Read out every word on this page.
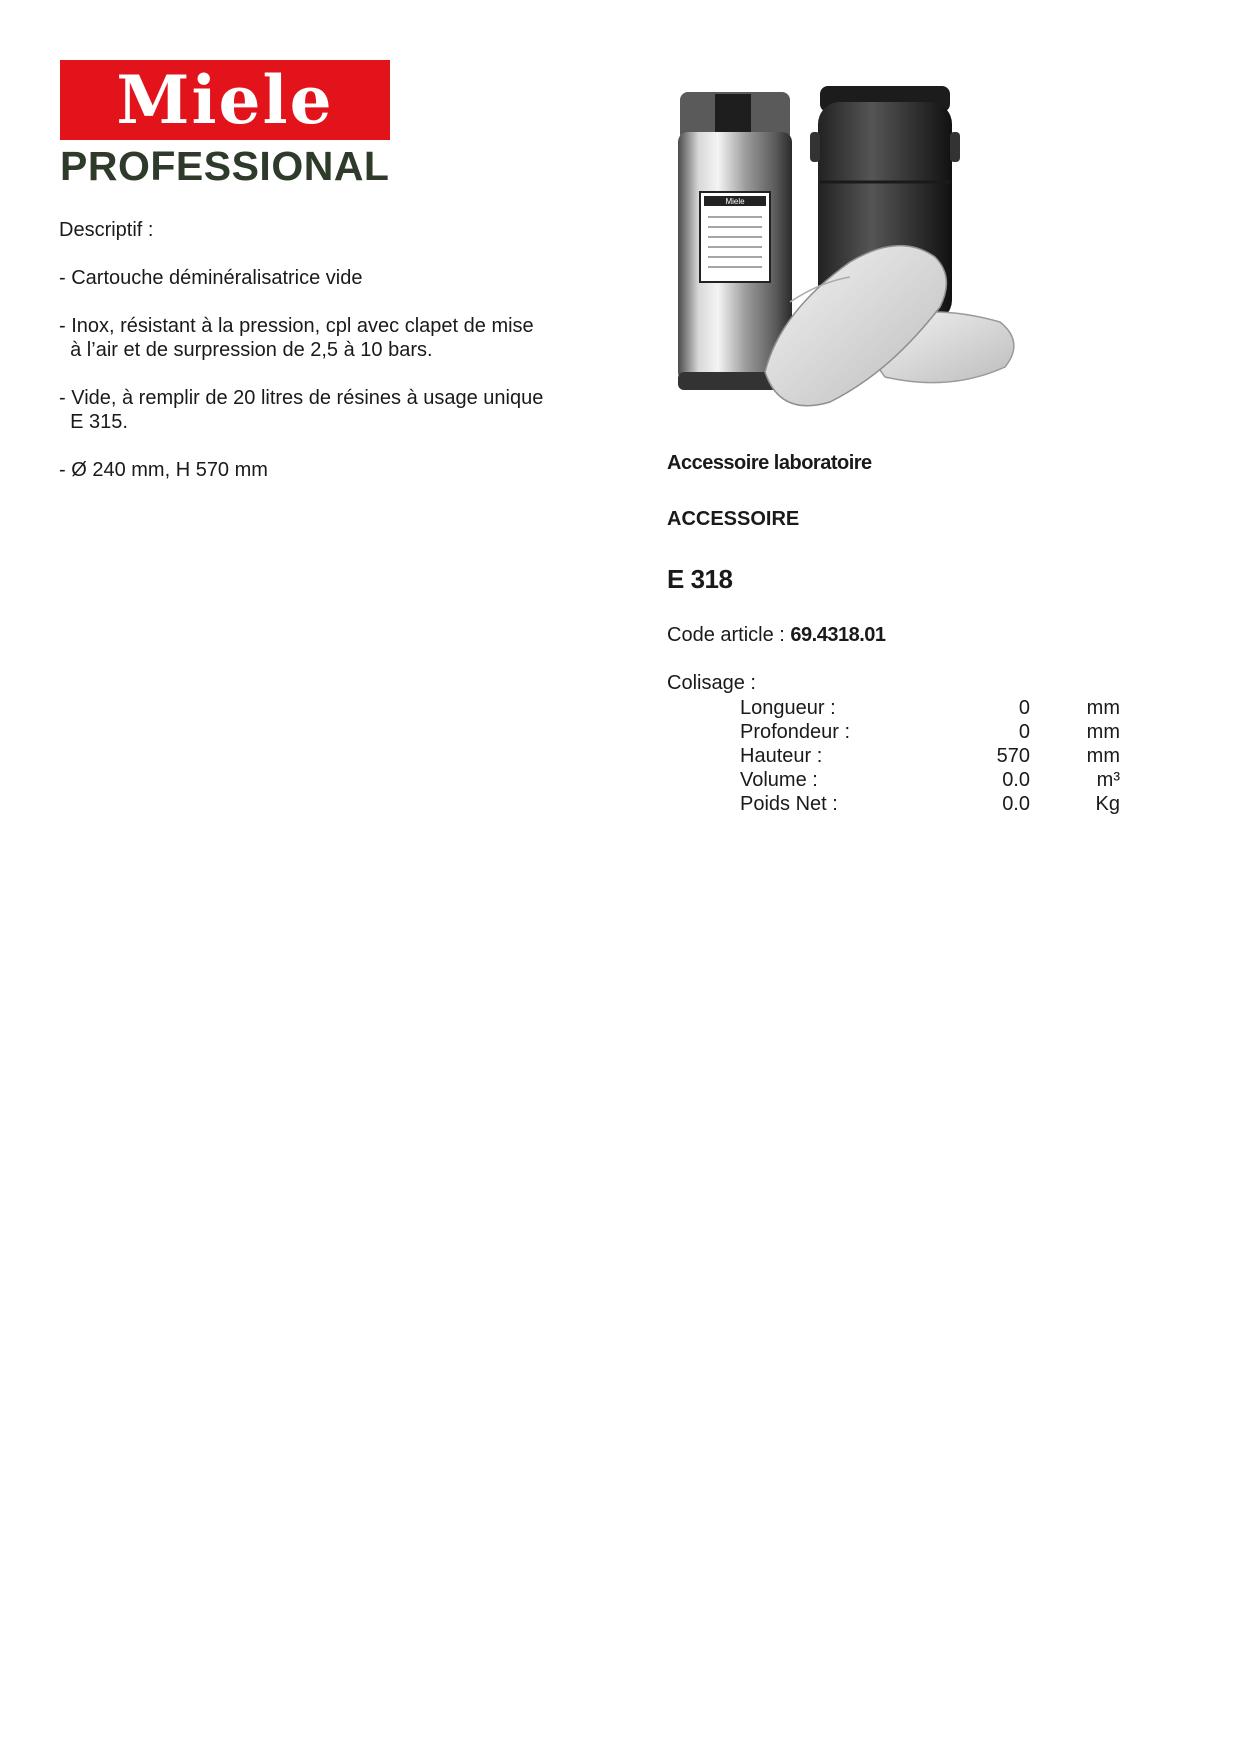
Miele
PROFESSIONAL
Descriptif :
- Cartouche déminéralisatrice vide
- Inox, résistant à la pression, cpl avec clapet de mise
à l’air et de surpression de 2,5 à 10 bars.
- Vide, à remplir de 20 litres de résines à usage unique
E 315.
- Ø 240 mm, H 570 mm
Miele
Accessoire laboratoire
ACCESSOIRE
E 318
Code article : 69.4318.01
Colisage :
Longueur :	0	mm
Profondeur :	0	mm
Hauteur :	570	mm
Volume :	0.0	m³
Poids Net :	0.0	Kg
